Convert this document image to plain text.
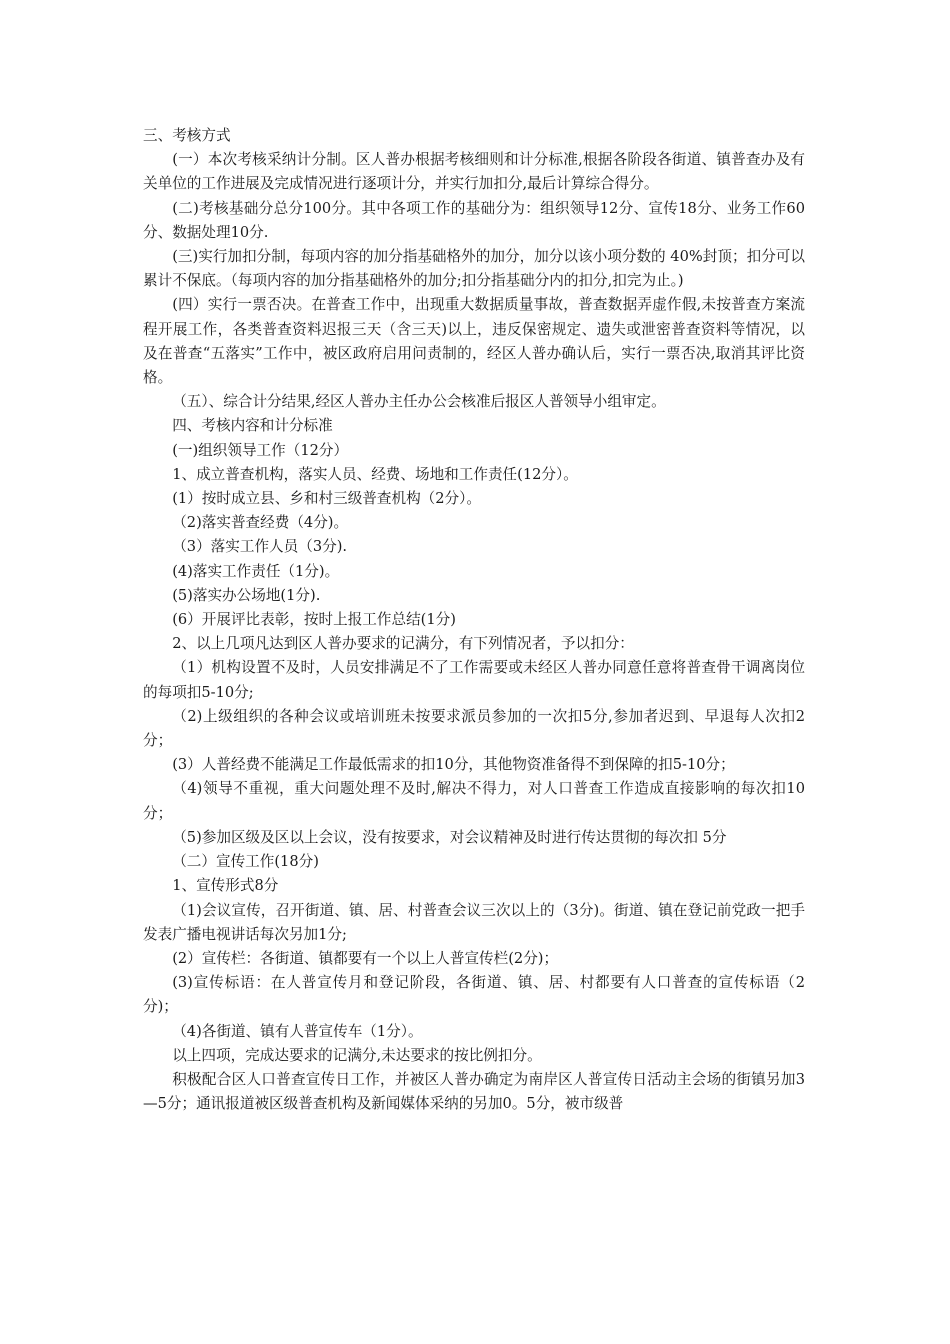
三、考核方式

(一）本次考核采纳计分制。区人普办根据考核细则和计分标准,根据各阶段各街道、镇普查办及有关单位的工作进展及完成情况进行逐项计分，并实行加扣分,最后计算综合得分。

(二)考核基础分总分100分。其中各项工作的基础分为：组织领导12分、宣传18分、业务工作60分、数据处理10分.

(三)实行加扣分制，每项内容的加分指基础格外的加分，加分以该小项分数的 40%封顶；扣分可以累计不保底。（每项内容的加分指基础格外的加分;扣分指基础分内的扣分,扣完为止。)

(四）实行一票否决。在普查工作中，出现重大数据质量事故，普查数据弄虚作假,未按普查方案流程开展工作，各类普查资料迟报三天（含三天)以上，违反保密规定、遗失或泄密普查资料等情况，以及在普查“五落实”工作中，被区政府启用问责制的，经区人普办确认后，实行一票否决,取消其评比资格。

（五）、综合计分结果,经区人普办主任办公会核准后报区人普领导小组审定。

四、考核内容和计分标准

(一)组织领导工作（12分）

1、成立普查机构，落实人员、经费、场地和工作责任(12分）。

(1）按时成立县、乡和村三级普查机构（2分）。

（2)落实普查经费（4分)。

（3）落实工作人员（3分).

(4)落实工作责任（1分)。

(5)落实办公场地(1分).

(6）开展评比表彰，按时上报工作总结(1分)

2、以上几项凡达到区人普办要求的记满分，有下列情况者，予以扣分：

（1）机构设置不及时，人员安排满足不了工作需要或未经区人普办同意任意将普查骨干调离岗位的每项扣5-10分;

（2)上级组织的各种会议或培训班未按要求派员参加的一次扣5分,参加者迟到、早退每人次扣2分；

(3）人普经费不能满足工作最低需求的扣10分，其他物资准备得不到保障的扣5-10分；

（4)领导不重视，重大问题处理不及时,解决不得力，对人口普查工作造成直接影响的每次扣10分；

（5)参加区级及区以上会议，没有按要求，对会议精神及时进行传达贯彻的每次扣 5分

（二）宣传工作(18分)

1、宣传形式8分

（1)会议宣传，召开街道、镇、居、村普查会议三次以上的（3分)。街道、镇在登记前党政一把手发表广播电视讲话每次另加1分;

(2）宣传栏：各街道、镇都要有一个以上人普宣传栏(2分)；

(3)宣传标语：在人普宣传月和登记阶段，各街道、镇、居、村都要有人口普查的宣传标语（2分)；

（4)各街道、镇有人普宣传车（1分）。

以上四项，完成达要求的记满分,未达要求的按比例扣分。

积极配合区人口普查宣传日工作，并被区人普办确定为南岸区人普宣传日活动主会场的街镇另加3—5分；通讯报道被区级普查机构及新闻媒体采纳的另加0。5分，被市级普
